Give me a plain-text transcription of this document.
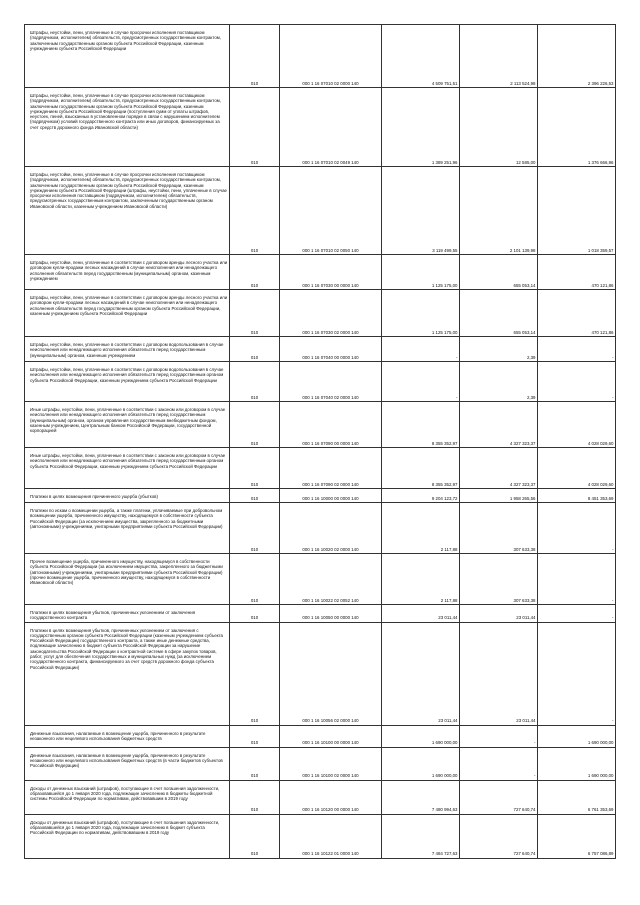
Штрафы, неустойки, пени, уплаченные в случае просрочки исполнения поставщиком (подрядчиком, исполнителем) обязательств, предусмотренных государственным контрактом, заключенным государственным органом субъекта Российской Федерации, казенным учреждением субъекта Российской Федерации	010	000 1 16 07010 02 0000 140	4 509 751,51	2 113 524,98	2 396 226,53
Штрафы, неустойки, пени, уплаченные в случае просрочки исполнения поставщиком (подрядчиком, исполнителем) обязательств, предусмотренных государственным контрактом, заключенным государственным органом субъекта Российской Федерации, казенным учреждением субъекта Российской Федерации (поступления сумм от уплаты штрафов, неустоек, пеней, взысканных в установленном порядке в связи с нарушением исполнителем (подрядчиком) условий государственного контракта или иных договоров, финансируемых за счет средств дорожного фонда Ивановской области)	010	000 1 16 07010 02 0049 140	1 389 251,96	12 585,00	1 376 666,96
Штрафы, неустойки, пени, уплаченные в случае просрочки исполнения поставщиком (подрядчиком, исполнителем) обязательств, предусмотренных государственным контрактом, заключенным государственным органом субъекта Российской Федерации, казенным учреждением субъекта Российской Федерации (штрафы, неустойки, пени, уплаченные в случае просрочки исполнения поставщиком (подрядчиком, исполнителем) обязательств, предусмотренных государственным контрактом, заключенным государственным органом Ивановской области, казенным учреждением Ивановской области)	010	000 1 16 07010 02 0050 140	3 119 499,55	2 101 139,98	1 018 359,57
Штрафы, неустойки, пени, уплаченные в соответствии с договором аренды лесного участка или договором купли-продажи лесных насаждений в случае неисполнения или ненадлежащего исполнения обязательств перед государственным (муниципальным) органом, казенным учреждением	010	000 1 16 07030 00 0000 140	1 125 175,00	655 053,14	470 121,86
Штрафы, неустойки, пени, уплаченные в соответствии с договором аренды лесного участка или договором купли-продажи лесных насаждений в случае неисполнения или ненадлежащего исполнения обязательств перед государственным органом субъекта Российской Федерации, казенным учреждением субъекта Российской Федерации	010	000 1 16 07030 02 0000 140	1 125 175,00	655 053,14	470 121,86
Штрафы, неустойки, пени, уплаченные в соответствии с договором водопользования в случае неисполнения или ненадлежащего исполнения обязательств перед государственным (муниципальным) органом, казенным учреждением	010	000 1 16 07040 00 0000 140	-	2,39	-
Штрафы, неустойки, пени, уплаченные в соответствии с договором водопользования в случае неисполнения или ненадлежащего исполнения обязательств перед государственным органом субъекта Российской Федерации, казенным учреждением субъекта Российской Федерации	010	000 1 16 07040 02 0000 140	-	2,39	-
Иные штрафы, неустойки, пени, уплаченные в соответствии с законом или договором в случае неисполнения или ненадлежащего исполнения обязательств перед государственным (муниципальным) органом, органом управления государственным внебюджетным фондом, казенным учреждением, Центральным банком Российской Федерации, государственной корпорацией	010	000 1 16 07090 00 0000 140	8 355 352,97	4 327 323,37	4 028 029,60
Иные штрафы, неустойки, пени, уплаченные в соответствии с законом или договором в случае неисполнения или ненадлежащего исполнения обязательств перед государственным органом субъекта Российской Федерации, казенным учреждением субъекта Российской Федерации	010	000 1 16 07090 02 0000 140	8 355 352,97	4 327 323,37	4 028 029,60
Платежи в целях возмещения причиненного ущерба (убытков)	010	000 1 16 10000 00 0000 140	9 204 123,72	1 958 265,56	8 451 353,69
Платежи по искам о возмещении ущерба, а также платежи, уплачиваемые при добровольном возмещении ущерба, причиненного имуществу, находящемуся в собственности субъекта Российской Федерации (за исключением имущества, закрепленного за бюджетными (автономными) учреждениями, унитарными предприятиями субъекта Российской Федерации)	010	000 1 16 10020 02 0000 140	2 117,88	307 633,38	-
Прочее возмещение ущерба, причиненного имуществу, находящемуся в собственности субъекта Российской Федерации (за исключением имущества, закрепленного за бюджетными (автономными) учреждениями, унитарными предприятиями субъекта Российской Федерации) (прочее возмещение ущерба, причиненного имуществу, находящемуся в собственности Ивановской области)	010	000 1 16 10022 02 0052 140	2 117,88	307 633,38	-
Платежи в целях возмещения убытков, причиненных уклонением от заключения государственного контракта	010	000 1 16 10050 00 0000 140	23 011,44	23 011,44	-
Платежи в целях возмещения убытков, причиненных уклонением от заключения с государственным органом субъекта Российской Федерации (казенным учреждением субъекта Российской Федерации) государственного контракта, а также иные денежные средства, подлежащие зачислению в бюджет субъекта Российской Федерации за нарушение законодательства Российской Федерации о контрактной системе в сфере закупок товаров, работ, услуг для обеспечения государственных и муниципальных нужд (за исключением государственного контракта, финансируемого за счет средств дорожного фонда субъекта Российской Федерации)	010	000 1 16 10056 02 0000 140	23 011,44	23 011,44	-
Денежные взыскания, налагаемые в возмещение ущерба, причиненного в результате незаконного или нецелевого использования бюджетных средств	010	000 1 16 10100 00 0000 140	1 690 000,00	-	1 690 000,00
Денежные взыскания, налагаемые в возмещение ущерба, причиненного в результате незаконного или нецелевого использования бюджетных средств (в части бюджетов субъектов Российской Федерации)	010	000 1 16 10100 02 0000 140	1 690 000,00	-	1 690 000,00
Доходы от денежных взысканий (штрафов), поступающие в счет погашения задолженности, образовавшейся до 1 января 2020 года, подлежащие зачислению в бюджеты бюджетной системы Российской Федерации по нормативам, действовавшим в 2019 году	010	000 1 16 10120 00 0000 140	7 480 994,63	727 640,74	6 761 353,69
Доходы от денежных взысканий (штрафов), поступающие в счет погашения задолженности, образовавшейся до 1 января 2020 года, подлежащие зачислению в бюджет субъекта Российской Федерации по нормативам, действовавшим в 2019 году	010	000 1 16 10122 01 0000 140	7 484 727,63	727 640,74	6 757 086,89
